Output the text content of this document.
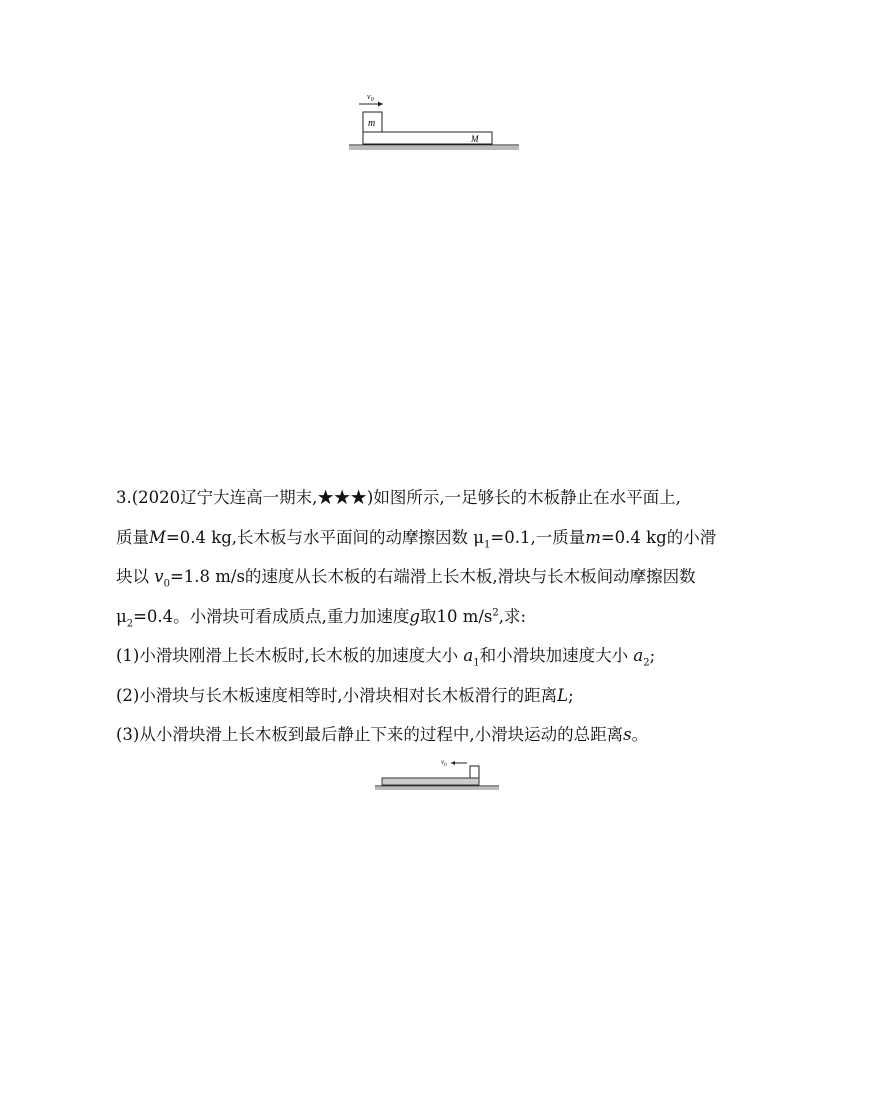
$v_0$
m
M
3.(2020辽宁大连高一期末,★★★)如图所示,一足够长的木板静止在水平面上,
质量M=0.4 kg,长木板与水平面间的动摩擦因数 $\mu_1=0.1$,一质量m=0.4 kg的小滑
块以 $v_0=1.8$ m/s的速度从长木板的右端滑上长木板,滑块与长木板间动摩擦因数
$\mu_2=0.4$。小滑块可看成质点,重力加速度g取10 $m/s^2$,求:
(1)小滑块刚滑上长木板时,长木板的加速度大小 $a_1$和小滑块加速度大小 $a_2$;
(2)小滑块与长木板速度相等时,小滑块相对长木板滑行的距离L;
(3)从小滑块滑上长木板到最后静止下来的过程中,小滑块运动的总距离s。
$v_0$
